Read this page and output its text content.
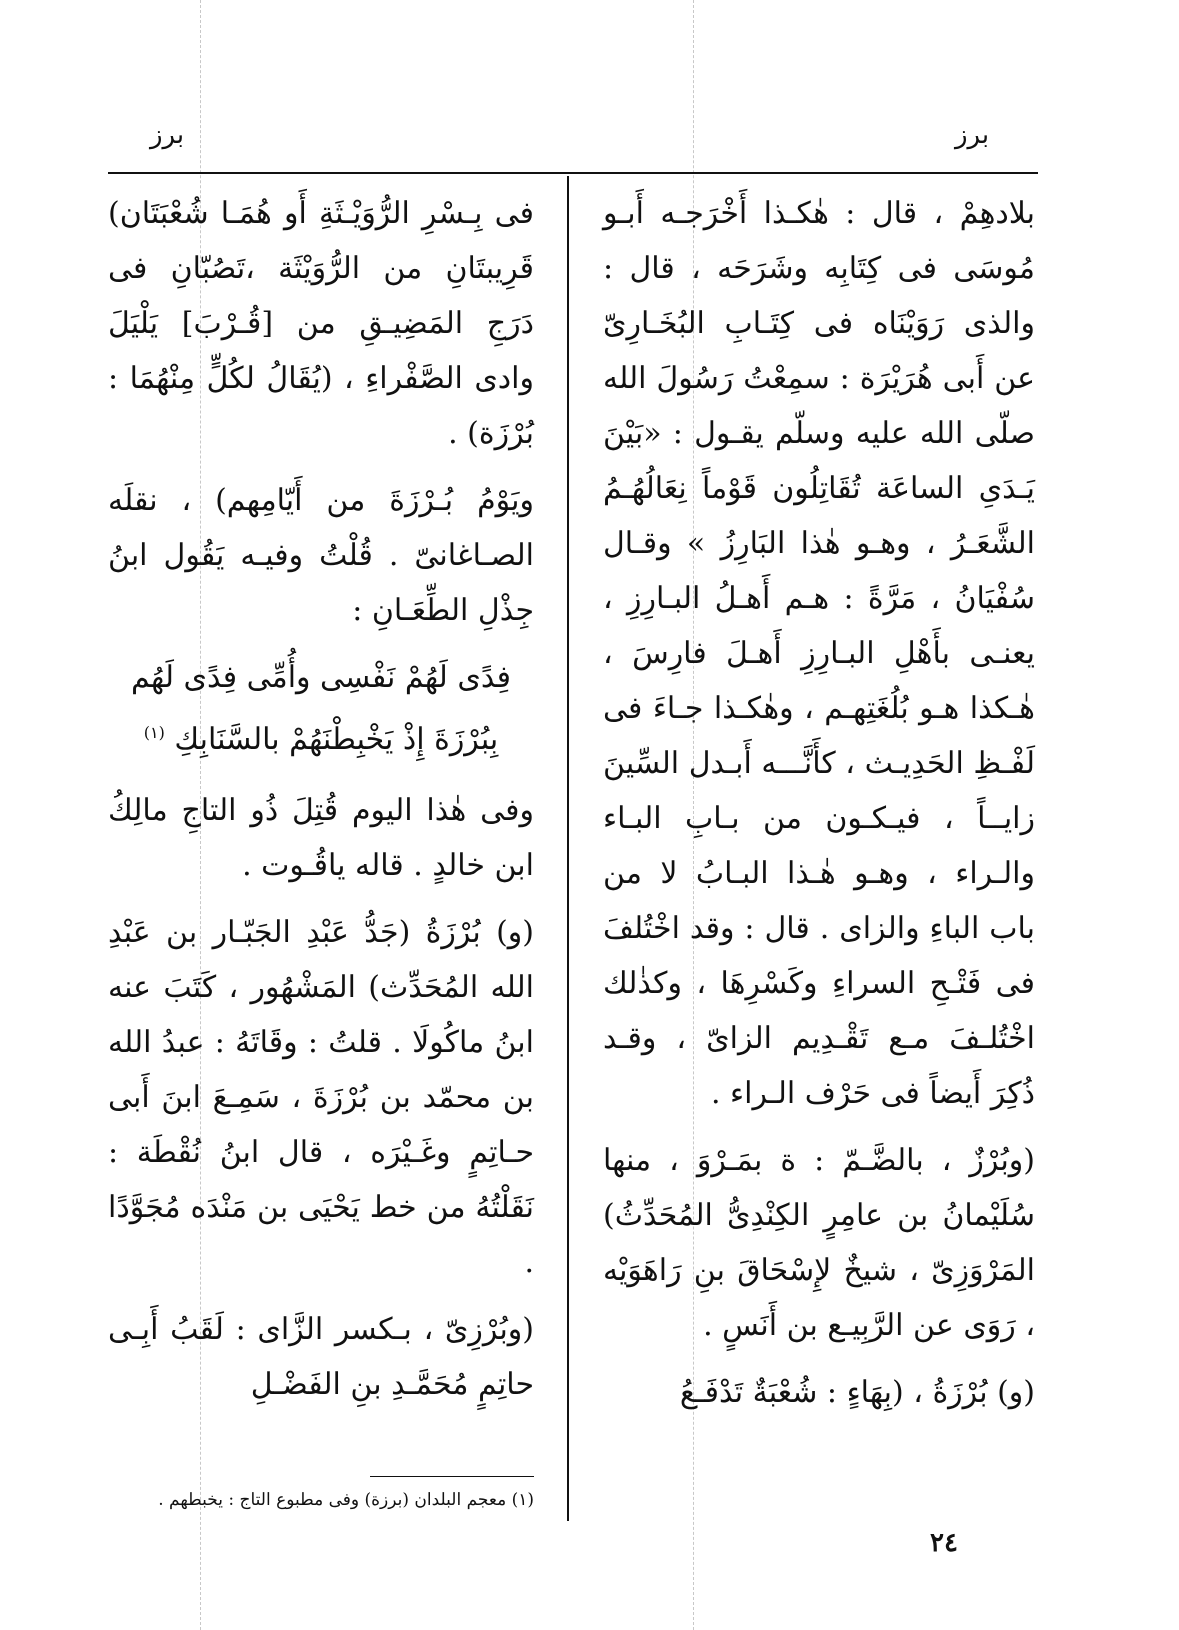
برز
برز

بلادهِمْ ، قال : هٰكـذا أَخْرَجـه أَبـو مُوسَى فى كِتَابِه وشَرَحَه ، قال : والذى رَوَيْنَاه فى كِتَـابِ البُخَـارِىّ عن أَبى هُرَيْرَة : سمِعْتُ رَسُولَ الله صلّى الله عليه وسلّم يقـول : «بَيْنَ يَـدَىِ الساعَة تُقَاتِلُون قَوْماً نِعَالُهُـمُ الشَّعَـرُ ، وهـو هٰذا البَارِزُ » وقـال سُفْيَانُ ، مَرَّةً : هـم أَهـلُ البـارِزِ ، يعنـى بأَهْلِ البـارِزِ أَهـلَ فارِسَ ، هٰـكذا هـو بُلُغَتِهـم ، وهٰكـذا جـاءَ فى لَفْـظِ الحَدِيـث ، كأَنَّـــه أَبـدل السِّينَ زايــاً ، فيـكـون من بـابِ البـاء والـراء ، وهـو هٰـذا البـابُ لا من باب الباءِ والزاى . قال : وقد اخْتُلفَ فى فَتْـحِ السراءِ وكَسْرِهَا ، وكذٰلك اخْتُلـفَ مـع تَقْـدِيم الزاىّ ، وقـد ذُكِرَ أَيضاً فى حَرْف الـراء .

(وبُرْزٌ ، بالضَّـمّ : ة بمَـرْوَ ، منها سُلَيْمانُ بن عامِرٍ الكِنْدِىُّ المُحَدِّثُ) المَرْوَزِىّ ، شيخٌ لإِسْحَاقَ بنِ رَاهَوَيْه ، رَوَى عن الرَّبِيـع بن أَنَسٍ .

(و) بُرْزَةُ ، (بِهَاءٍ : شُعْبَةٌ تَدْفَـعُ

فى بِـسْرِ الرُّوَيْـثَةِ أَو هُمَـا شُعْبَتَان) قَرِيبتَانِ من الرُّوَيْثَة ،تَصُبّانِ فى دَرَجِ المَضِيـقِ من [قُـرْبَ] يَلْيَلَ وادى الصَّفْراءِ ، (يُقَالُ لكُلٍّ مِنْهُمَا : بُرْزَة) .

ويَوْمُ بُـرْزَةَ من أَيّامِهم) ، نقلَه الصـاغانىّ . قُلْتُ وفيـه يَقُول ابنُ جِذْلِ الطِّعَـانِ :

فِدًى لَهُمْ نَفْسِى وأُمِّى فِدًى لَهُم
بِبُرْزَةَ إِذْ يَخْبِطْنَهُمْ بالسَّنَابِكِ $^{(١)}$

وفى هٰذا اليوم قُتِلَ ذُو التاجِ مالِكُ ابن خالدٍ . قاله ياقُـوت .

(و) بُرْزَةُ (جَدُّ عَبْدِ الجَبّـار بن عَبْدِ الله المُحَدِّث) المَشْهُور ، كَتَبَ عنه ابنُ ماكُولَا . قلتُ : وقَاتَهُ : عبدُ الله بن محمّد بن بُرْزَةَ ، سَمِـعَ ابنَ أَبى حـاتِمٍ وغَـيْرَه ، قال ابنُ نُقْطَة : نَقَلْتُهُ من خط يَحْيَى بن مَنْدَه مُجَوَّدًا .

(وبُرْزِىّ ، بـكسر الزَّاى : لَقَبُ أَبِـى حاتِمٍ مُحَمَّـدِ بنِ الفَضْـلِ

(١) معجم البلدان (برزة) وفى مطبوع التاج : يخبطهم .
٢٤
